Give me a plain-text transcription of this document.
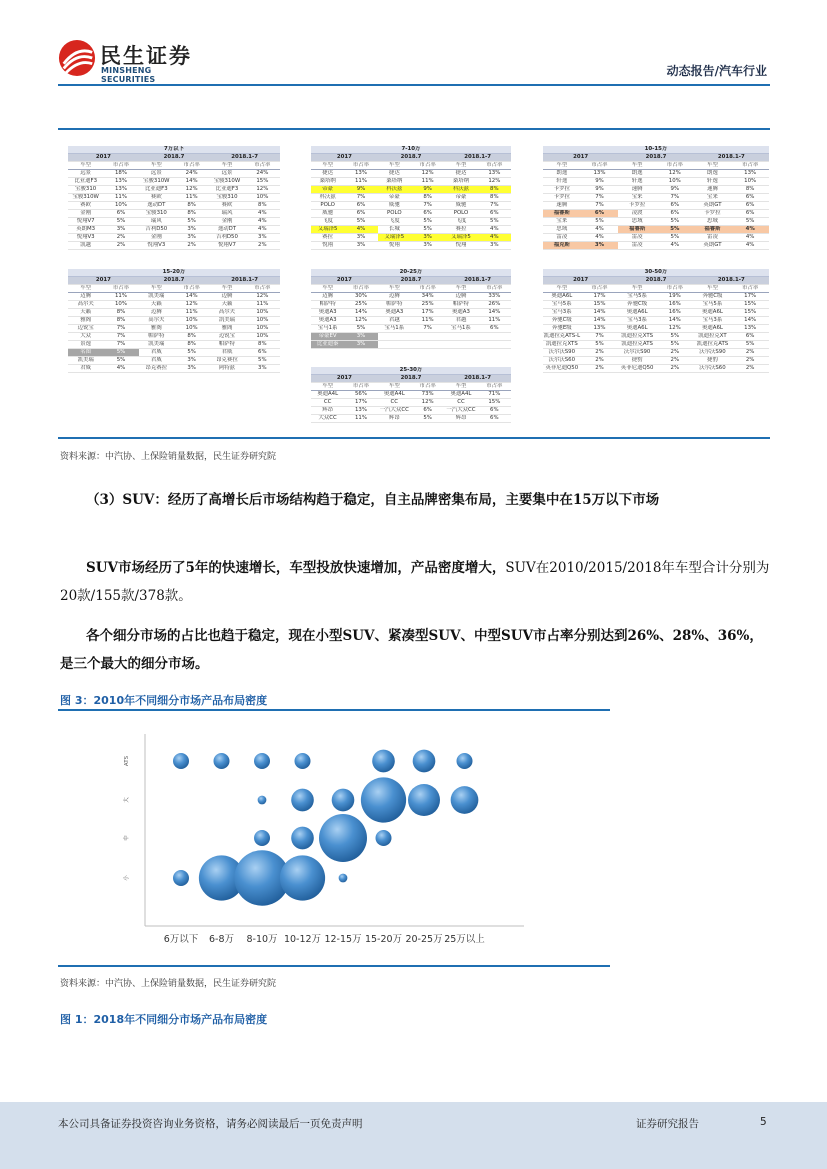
民生证券
MINSHENG SECURITIES
动态报告/汽车行业
7万以下					
2017		2018.7		2018.1-7	
车型	市占率	车型	市占率	车型	市占率
远景	18%	远景	24%	远景	24%
比亚迪F3	13%	宝骏310W	14%	宝骏310W	15%
宝骏310	13%	比亚迪F3	12%	比亚迪F3	12%
宝骏310W	11%	赛欧	11%	宝骏310	10%
赛欧	10%	逸动DT	8%	赛欧	8%
金刚	6%	宝骏310	8%	瑞风	4%
悦翔V7	5%	瑞风	5%	金刚	4%
英朗M3	3%	吉利D50	3%	逸动DT	4%
悦翔V3	2%	金刚	3%	吉利D50	3%
凯越	2%	悦翔V3	2%	悦翔V7	2%
7-10万					
2017		2018.7		2018.1-7	
车型	市占率	车型	市占率	车型	市占率
捷达	13%	捷达	12%	捷达	13%
桑塔纳	11%	桑塔纳	11%	桑塔纳	12%
帝豪	9%	科沃兹	9%	科沃兹	8%
科沃兹	7%	帝豪	8%	帝豪	8%
POLO	6%	威驰	7%	威驰	7%
威驰	6%	POLO	6%	POLO	6%
飞度	5%	飞度	5%	飞度	5%
艾瑞泽5	4%	长城	5%	赛拉	4%
赛拉	3%	艾瑞泽5	3%	艾瑞泽5	4%
悦翔	3%	悦翔	3%	悦翔	3%
10-15万					
2017		2018.7		2018.1-7	
车型	市占率	车型	市占率	车型	市占率
朗逸	13%	朗逸	12%	朗逸	13%
轩逸	9%	轩逸	10%	轩逸	10%
卡罗拉	9%	速腾	9%	速腾	8%
卡罗拉	7%	宝来	7%	宝来	6%
速腾	7%	卡罗拉	6%	英朗GT	6%
福睿斯	6%	凌渡	6%	卡罗拉	6%
宝来	5%	思域	5%	思域	5%
思域	4%	福睿斯	5%	福睿斯	4%
雷凌	4%	雷凌	5%	雷凌	4%
福克斯	3%	雷凌	4%	英朗GT	4%
15-20万					
2017		2018.7		2018.1-7	
车型	市占率	车型	市占率	车型	市占率
迈腾	11%	凯美瑞	14%	迈腾	12%
高尔夫	10%	天籁	12%	天籁	11%
天籁	8%	迈腾	11%	高尔夫	10%
雅阁	8%	高尔夫	10%	凯美瑞	10%
迈锐宝	7%	雅阁	10%	雅阁	10%
大众	7%	帕萨特	8%	迈锐宝	10%
景逸	7%	凯美瑞	8%	帕萨特	8%
名图	5%	君威	5%	君威	6%
凯美瑞	5%	君威	3%	昂克赛拉	5%
君威	4%	昂克赛拉	3%	阿特兹	3%
20-25万					
2017		2018.7		2018.1-7	
车型	市占率	车型	市占率	车型	市占率
迈腾	30%	迈腾	34%	迈腾	33%
帕萨特	25%	帕萨特	25%	帕萨特	26%
奥迪A3	14%	奥迪A3	17%	奥迪A3	14%
奥迪A3	12%	君越	11%	君越	11%
宝马1系	5%	宝马1系	7%	宝马1系	6%
帝豪EV	3%				
比亚迪秦	3%				
25-30万					
2017		2018.7		2018.1-7	
车型	市占率	车型	市占率	车型	市占率
奥迪A4L	56%	奥迪A4L	73%	奥迪A4L	71%
CC	17%	CC	12%	CC	15%
辉昂	13%	一汽大众CC	6%	一汽大众CC	6%
大众CC	11%	辉昂	5%	辉昂	6%
30-50万					
2017		2018.7		2018.1-7	
车型	市占率	车型	市占率	车型	市占率
奥迪A6L	17%	宝马5系	19%	奔驰C级	17%
宝马5系	15%	奔驰C级	16%	宝马5系	15%
宝马3系	14%	奥迪A6L	16%	奥迪A6L	15%
奔驰C级	14%	宝马3系	14%	宝马3系	14%
奔驰E级	13%	奥迪A6L	12%	奥迪A6L	13%
凯迪拉克ATS-L	7%	凯迪拉克XTS	5%	凯迪拉克XT	6%
凯迪拉克XTS	5%	凯迪拉克ATS	5%	凯迪拉克ATS	5%
沃尔沃S90	2%	沃尔沃S90	2%	沃尔沃S90	2%
沃尔沃S60	2%	捷豹	2%	捷豹	2%
英菲尼迪Q50	2%	英菲尼迪Q50	2%	沃尔沃S60	2%
资料来源：中汽协、上保险销量数据，民生证券研究院
（3）SUV：经历了高增长后市场结构趋于稳定，自主品牌密集布局，主要集中在15万以下市场
SUV市场经历了5年的快速增长，车型投放快速增加，产品密度增大，SUV在2010/2015/2018年车型合计分别为20款/155款/378款。
各个细分市场的占比也趋于稳定，现在小型SUV、紧凑型SUV、中型SUV市占率分别达到26%、28%、36%，是三个最大的细分市场。
图 3：2010年不同细分市场产品布局密度
6万以下 6-8万 8-10万 10-12万 12-15万 15-20万 20-25万 25万以上
小
中
大
ATS
资料来源：中汽协、上保险销量数据，民生证券研究院
图 1：2018年不同细分市场产品布局密度
本公司具备证券投资咨询业务资格，请务必阅读最后一页免责声明	证券研究报告	5
